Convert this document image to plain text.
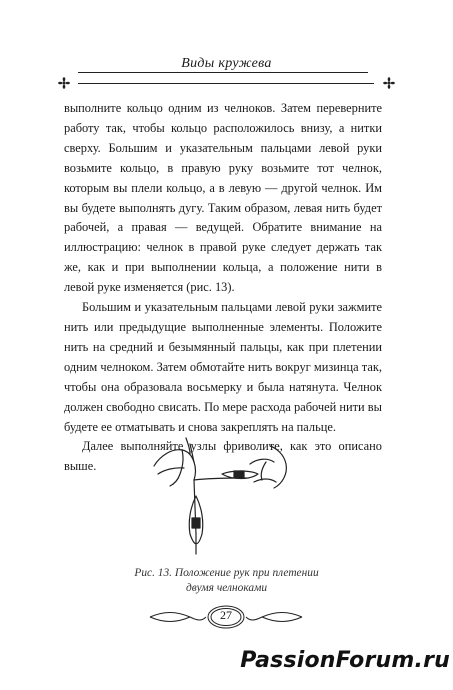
Виды кружева

выполните кольцо одним из челноков. Затем переверните работу так, чтобы кольцо расположилось внизу, а нитки сверху. Большим и указательным пальцами левой руки возьмите кольцо, в правую руку возьмите тот челнок, которым вы плели кольцо, а в левую — другой челнок. Им вы будете выполнять дугу. Таким образом, левая нить будет рабочей, а правая — ведущей. Обратите внимание на иллюстрацию: челнок в правой руке следует держать так же, как и при выполнении кольца, а положение нити в левой руке изменяется (рис. 13).

Большим и указательным пальцами левой руки зажмите нить или предыдущие выполненные элементы. Положите нить на средний и безымянный пальцы, как при плетении одним челноком. Затем обмотайте нить вокруг мизинца так, чтобы она образовала восьмерку и была натянута. Челнок должен свободно свисать. По мере расхода рабочей нити вы будете ее отматывать и снова закреплять на пальце.

Далее выполняйте узлы фриволите, как это описано выше.

Рис. 13. Положение рук при плетении
двумя челноками
27
PassionForum.ru
